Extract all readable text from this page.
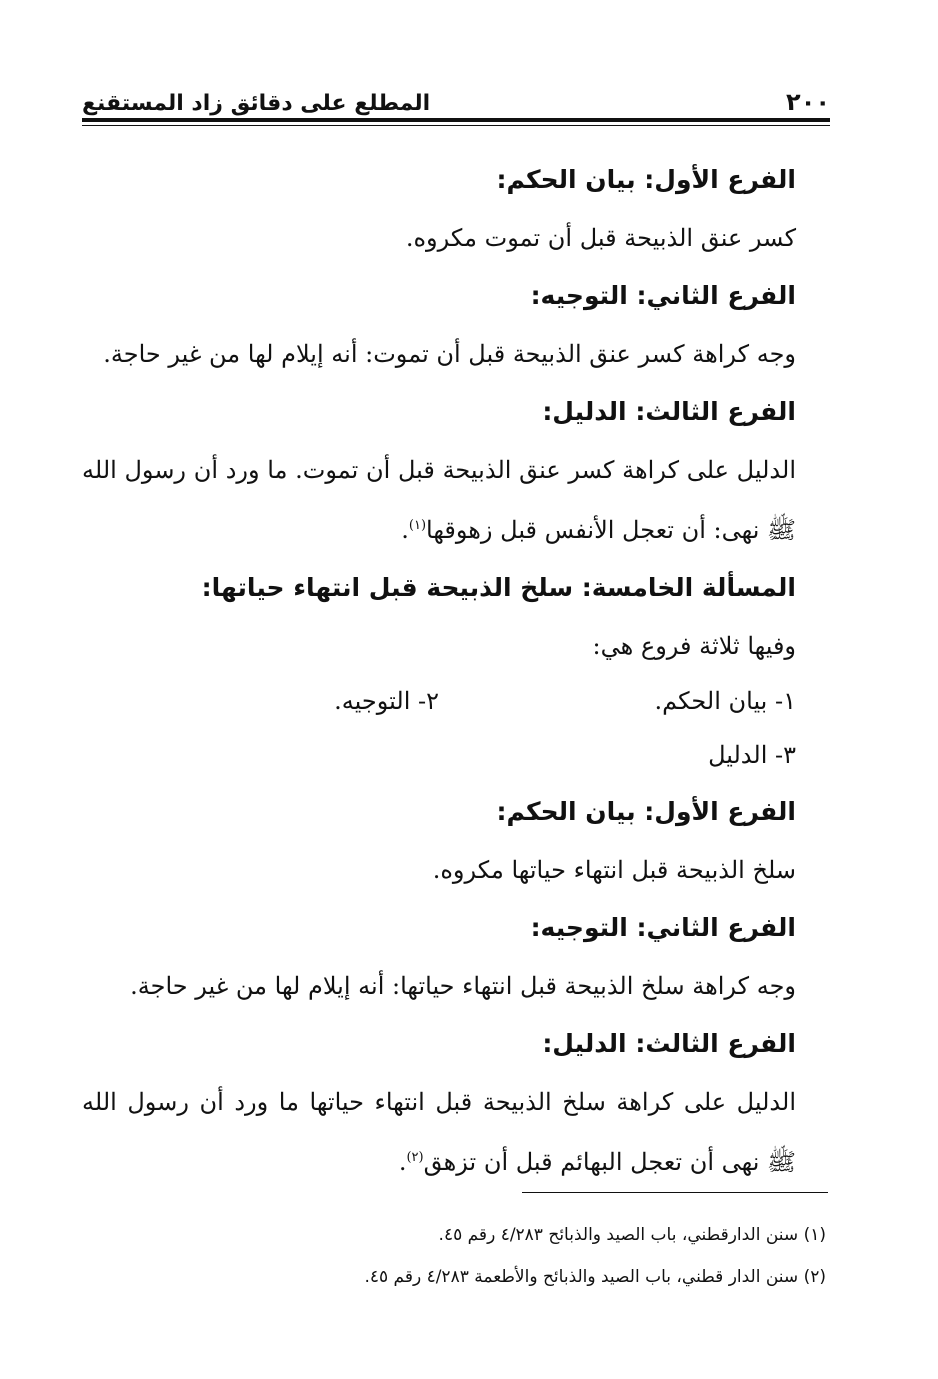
٢٠٠
المطلع على دقائق زاد المستقنع
الفرع الأول: بيان الحكم:
كسر عنق الذبيحة قبل أن تموت مكروه.
الفرع الثاني: التوجيه:
وجه كراهة كسر عنق الذبيحة قبل أن تموت: أنه إيلام لها من غير حاجة.
الفرع الثالث: الدليل:
الدليل على كراهة كسر عنق الذبيحة قبل أن تموت. ما ورد أن رسول الله ﷺ نهى: أن تعجل الأنفس قبل زهوقها$^{(١)}$.
المسألة الخامسة: سلخ الذبيحة قبل انتهاء حياتها:
وفيها ثلاثة فروع هي:
١- بيان الحكم.
٢- التوجيه.
٣- الدليل
الفرع الأول: بيان الحكم:
سلخ الذبيحة قبل انتهاء حياتها مكروه.
الفرع الثاني: التوجيه:
وجه كراهة سلخ الذبيحة قبل انتهاء حياتها: أنه إيلام لها من غير حاجة.
الفرع الثالث: الدليل:
الدليل على كراهة سلخ الذبيحة قبل انتهاء حياتها ما ورد أن رسول الله ﷺ نهى أن تعجل البهائم قبل أن تزهق$^{(٢)}$.
(١) سنن الدارقطني، باب الصيد والذبائح ٤/٢٨٣ رقم ٤٥.
(٢) سنن الدار قطني، باب الصيد والذبائح والأطعمة ٤/٢٨٣ رقم ٤٥.
